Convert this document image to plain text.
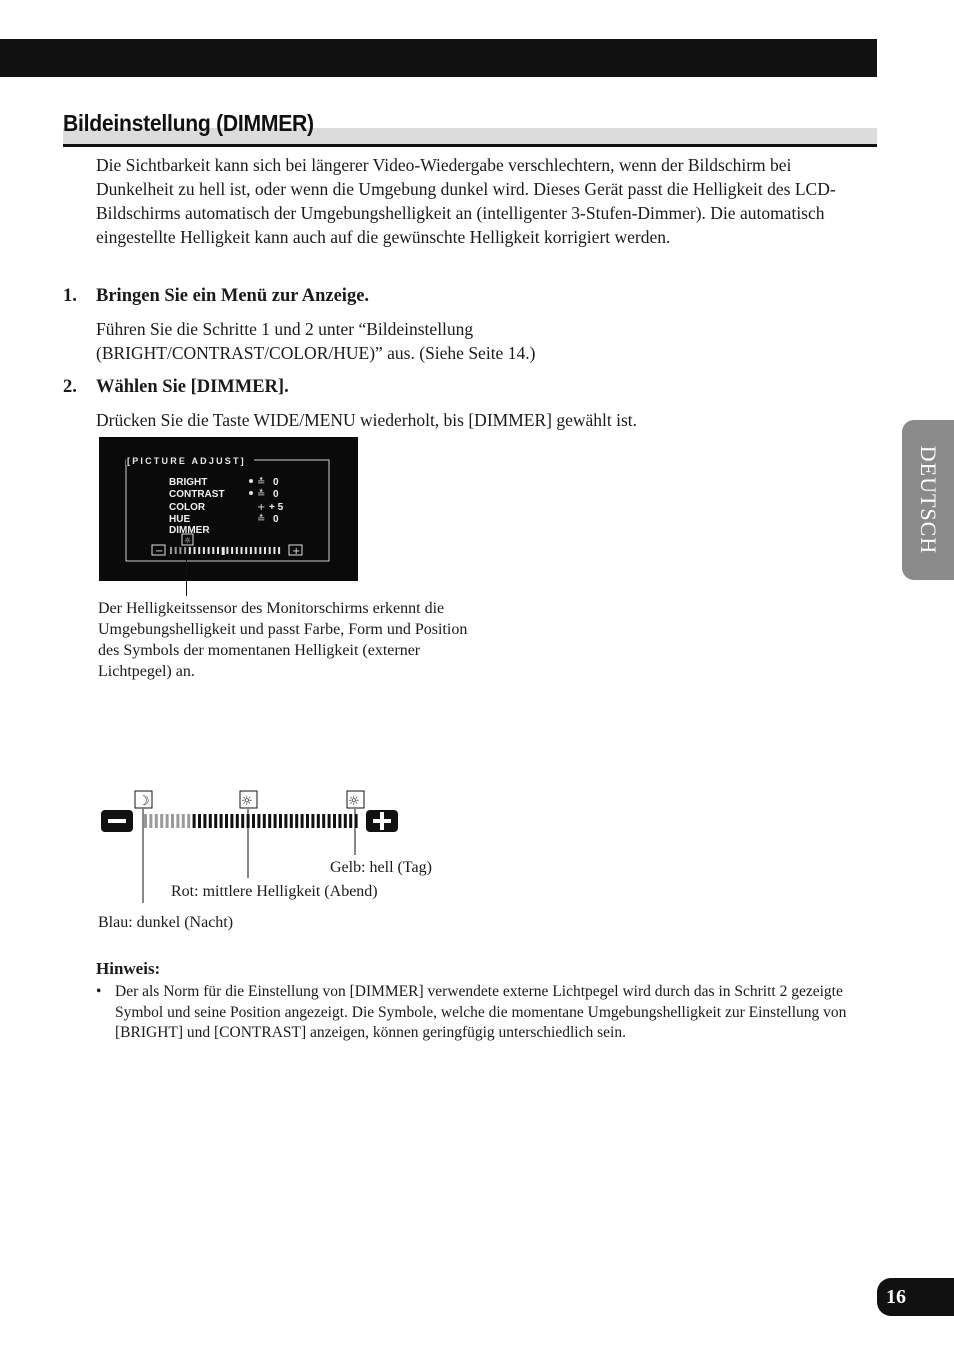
Bildeinstellung (DIMMER)
Die Sichtbarkeit kann sich bei längerer Video-Wiedergabe verschlechtern, wenn der Bildschirm bei Dunkelheit zu hell ist, oder wenn die Umgebung dunkel wird. Dieses Gerät passt die Helligkeit des LCD-Bildschirms automatisch der Umgebungshelligkeit an (intelligenter 3-Stufen-Dimmer). Die automatisch eingestellte Helligkeit kann auch auf die gewünschte Helligkeit korrigiert werden.
1. Bringen Sie ein Menü zur Anzeige.
Führen Sie die Schritte 1 und 2 unter “Bildeinstellung (BRIGHT/CONTRAST/COLOR/HUE)” aus. (Siehe Seite 14.)
2. Wählen Sie [DIMMER].
Drücken Sie die Taste WIDE/MENU wiederholt, bis [DIMMER] gewählt ist.
[PICTURE ADJUST]
BRIGHT
CONTRAST
COLOR
HUE
DIMMER
≛
≛
+
≛
0
0
+ 5
0
☼
−	+
Der Helligkeitssensor des Monitorschirms erkennt die Umgebungshelligkeit und passt Farbe, Form und Position des Symbols der momentanen Helligkeit (externer Lichtpegel) an.
☽	☼	☼
Gelb: hell (Tag)
Rot: mittlere Helligkeit (Abend)
Blau: dunkel (Nacht)
Hinweis:
• Der als Norm für die Einstellung von [DIMMER] verwendete externe Lichtpegel wird durch das in Schritt 2 gezeigte Symbol und seine Position angezeigt. Die Symbole, welche die momentane Umgebungshelligkeit zur Einstellung von [BRIGHT] und [CONTRAST] anzeigen, können geringfügig unterschiedlich sein.
DEUTSCH
16
